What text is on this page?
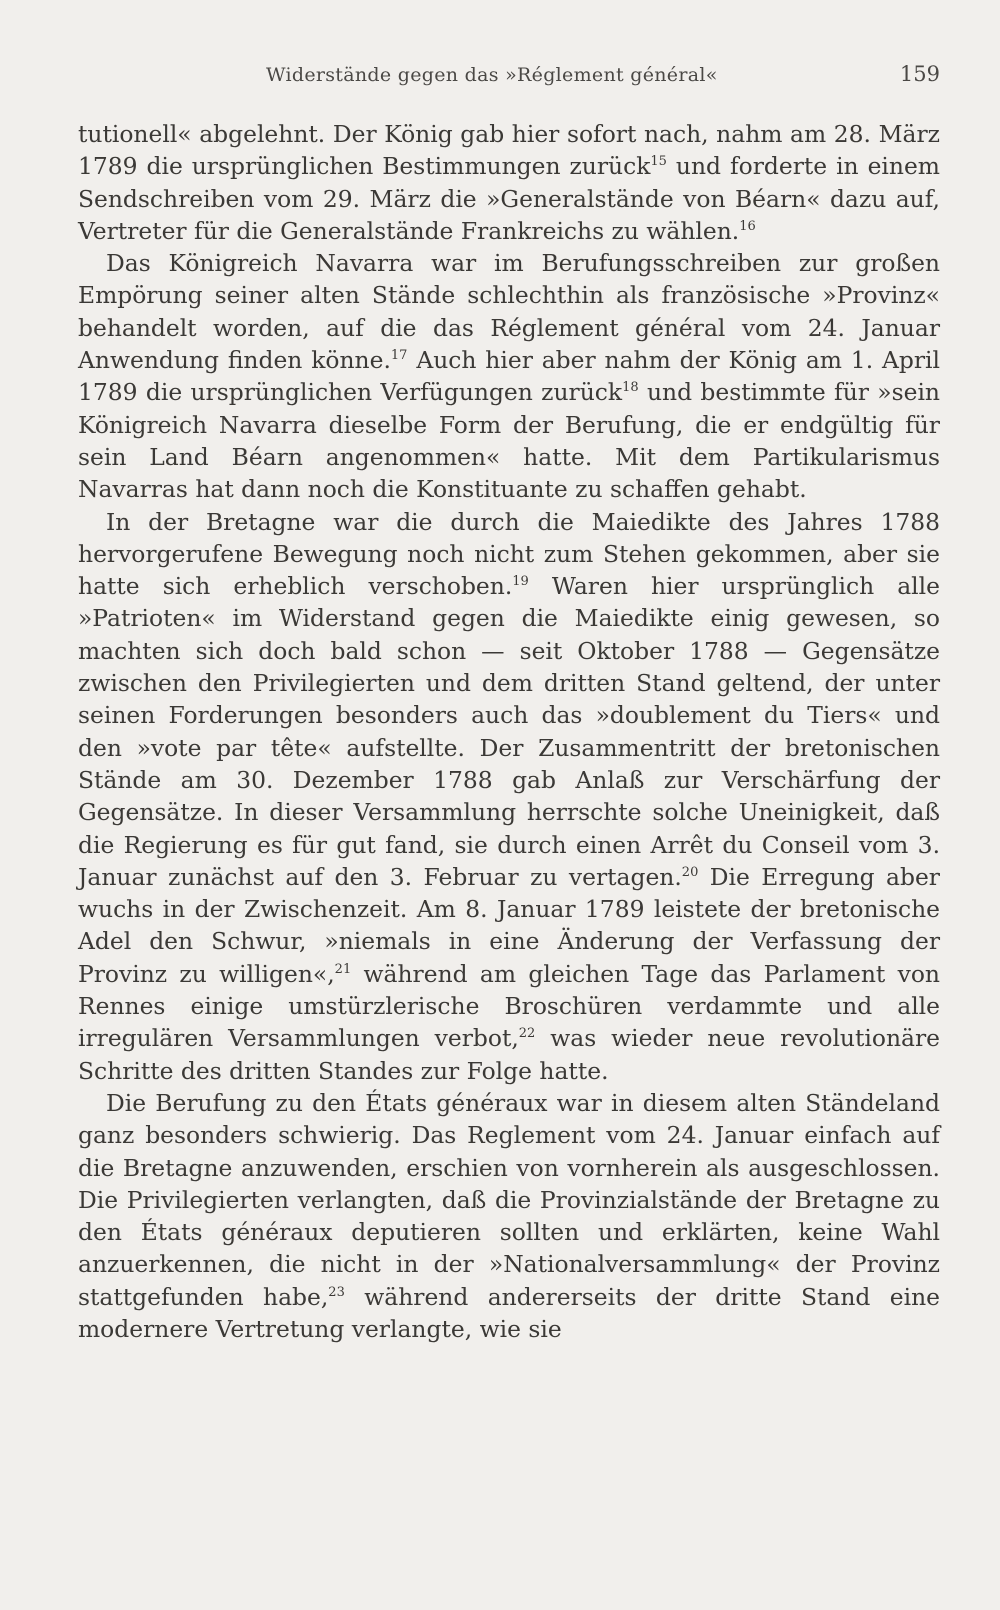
Widerstände gegen das »Réglement général«	159

tutionell« abgelehnt. Der König gab hier sofort nach, nahm am 28. März 1789 die ursprünglichen Bestimmungen zurück$^{15}$ und forderte in einem Sendschreiben vom 29. März die »Generalstände von Béarn« dazu auf, Vertreter für die Generalstände Frankreichs zu wählen.$^{16}$

Das Königreich Navarra war im Berufungsschreiben zur großen Empörung seiner alten Stände schlechthin als französische »Provinz« behandelt worden, auf die das Réglement général vom 24. Januar Anwendung finden könne.$^{17}$ Auch hier aber nahm der König am 1. April 1789 die ursprünglichen Verfügungen zurück$^{18}$ und bestimmte für »sein Königreich Navarra dieselbe Form der Berufung, die er endgültig für sein Land Béarn angenommen« hatte. Mit dem Partikularismus Navarras hat dann noch die Konstituante zu schaffen gehabt.

In der Bretagne war die durch die Maiedikte des Jahres 1788 hervorgerufene Bewegung noch nicht zum Stehen gekommen, aber sie hatte sich erheblich verschoben.$^{19}$ Waren hier ursprünglich alle »Patrioten« im Widerstand gegen die Maiedikte einig gewesen, so machten sich doch bald schon — seit Oktober 1788 — Gegensätze zwischen den Privilegierten und dem dritten Stand geltend, der unter seinen Forderungen besonders auch das »doublement du Tiers« und den »vote par tête« aufstellte. Der Zusammentritt der bretonischen Stände am 30. Dezember 1788 gab Anlaß zur Verschärfung der Gegensätze. In dieser Versammlung herrschte solche Uneinigkeit, daß die Regierung es für gut fand, sie durch einen Arrêt du Conseil vom 3. Januar zunächst auf den 3. Februar zu vertagen.$^{20}$ Die Erregung aber wuchs in der Zwischenzeit. Am 8. Januar 1789 leistete der bretonische Adel den Schwur, »niemals in eine Änderung der Verfassung der Provinz zu willigen«,$^{21}$ während am gleichen Tage das Parlament von Rennes einige umstürzlerische Broschüren verdammte und alle irregulären Versammlungen verbot,$^{22}$ was wieder neue revolutionäre Schritte des dritten Standes zur Folge hatte.

Die Berufung zu den États généraux war in diesem alten Ständeland ganz besonders schwierig. Das Reglement vom 24. Januar einfach auf die Bretagne anzuwenden, erschien von vornherein als ausgeschlossen. Die Privilegierten verlangten, daß die Provinzialstände der Bretagne zu den États généraux deputieren sollten und erklärten, keine Wahl anzuerkennen, die nicht in der »Nationalversammlung« der Provinz stattgefunden habe,$^{23}$ während andererseits der dritte Stand eine modernere Vertretung verlangte, wie sie
